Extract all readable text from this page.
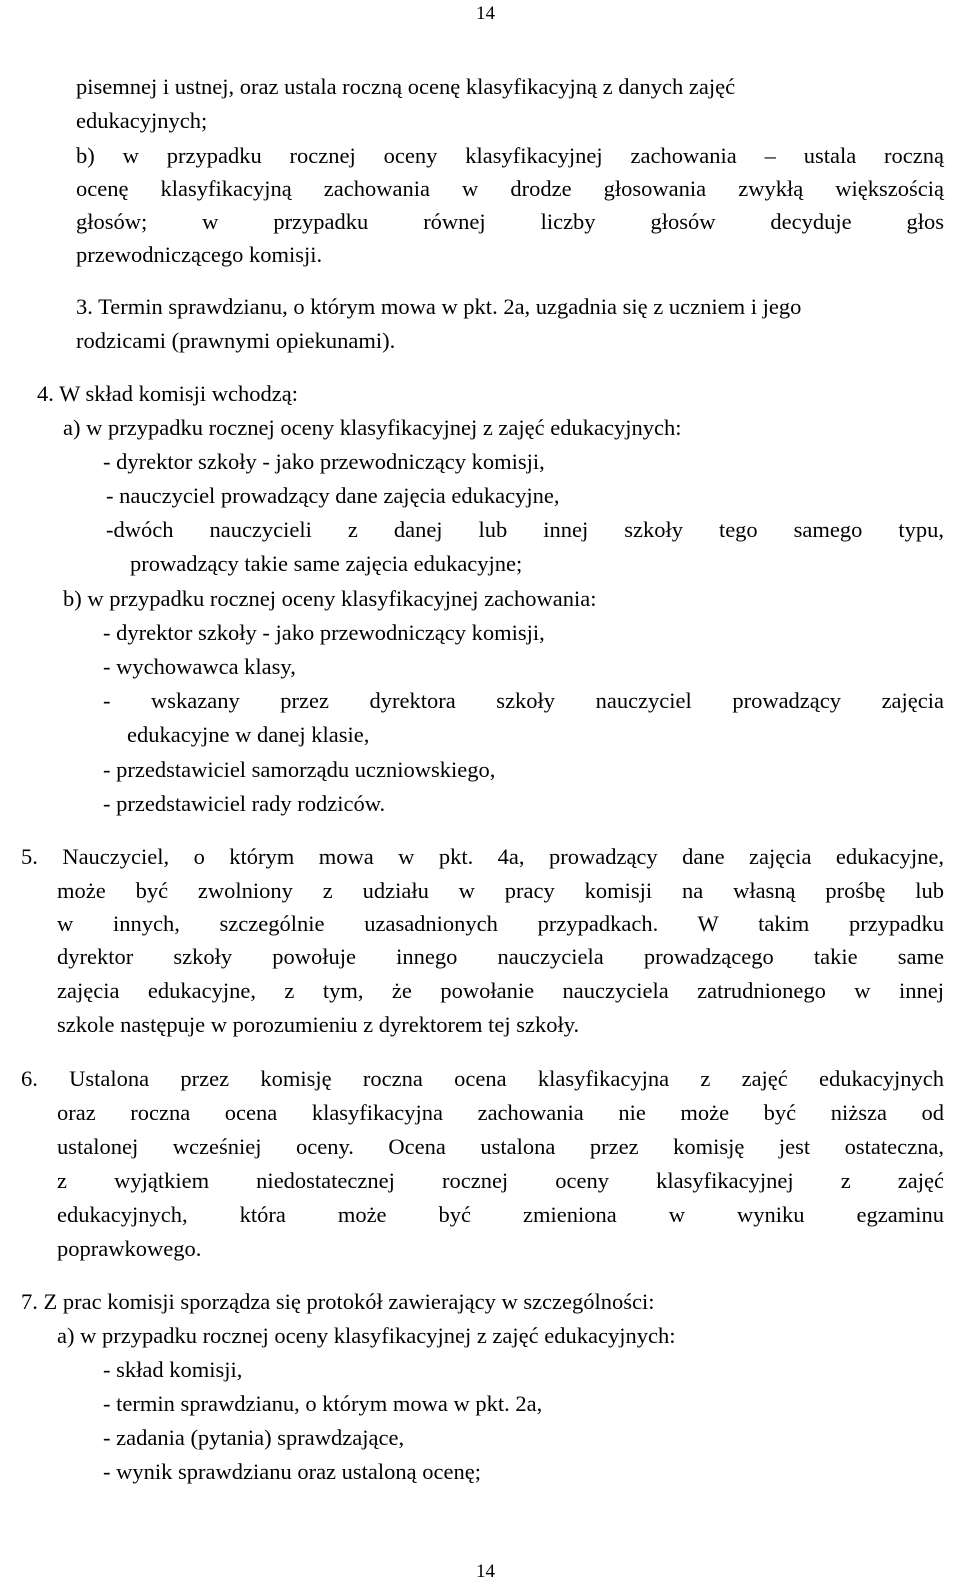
14
pisemnej i ustnej, oraz ustala roczną ocenę klasyfikacyjną z danych zajęć
edukacyjnych;
b) w przypadku rocznej oceny klasyfikacyjnej zachowania – ustala roczną
ocenę klasyfikacyjną zachowania w drodze głosowania zwykłą większością
głosów; w przypadku równej liczby głosów decyduje głos
przewodniczącego komisji.
3. Termin sprawdzianu, o którym mowa w pkt. 2a, uzgadnia się z uczniem i jego
rodzicami (prawnymi opiekunami).
4. W skład komisji wchodzą:
a) w przypadku rocznej oceny klasyfikacyjnej z zajęć edukacyjnych:
- dyrektor szkoły - jako przewodniczący komisji,
- nauczyciel prowadzący dane zajęcia edukacyjne,
-dwóch nauczycieli z danej lub innej szkoły tego samego typu,
prowadzący takie same zajęcia edukacyjne;
b) w przypadku rocznej oceny klasyfikacyjnej zachowania:
- dyrektor szkoły - jako przewodniczący komisji,
- wychowawca klasy,
- wskazany przez dyrektora szkoły nauczyciel prowadzący zajęcia
edukacyjne w danej klasie,
- przedstawiciel samorządu uczniowskiego,
- przedstawiciel rady rodziców.
5. Nauczyciel, o którym mowa w pkt. 4a, prowadzący dane zajęcia edukacyjne,
może być zwolniony z udziału w pracy komisji na własną prośbę lub
w innych, szczególnie uzasadnionych przypadkach. W takim przypadku
dyrektor szkoły powołuje innego nauczyciela prowadzącego takie same
zajęcia edukacyjne, z tym, że powołanie nauczyciela zatrudnionego w innej
szkole następuje w porozumieniu z dyrektorem tej szkoły.
6. Ustalona przez komisję roczna ocena klasyfikacyjna z zajęć edukacyjnych
oraz roczna ocena klasyfikacyjna zachowania nie może być niższa od
ustalonej wcześniej oceny. Ocena ustalona przez komisję jest ostateczna,
z wyjątkiem niedostatecznej rocznej oceny klasyfikacyjnej z zajęć
edukacyjnych, która może być zmieniona w wyniku egzaminu
poprawkowego.
7. Z prac komisji sporządza się protokół zawierający w szczególności:
a) w przypadku rocznej oceny klasyfikacyjnej z zajęć edukacyjnych:
- skład komisji,
- termin sprawdzianu, o którym mowa w pkt. 2a,
- zadania (pytania) sprawdzające,
- wynik sprawdzianu oraz ustaloną ocenę;
14
